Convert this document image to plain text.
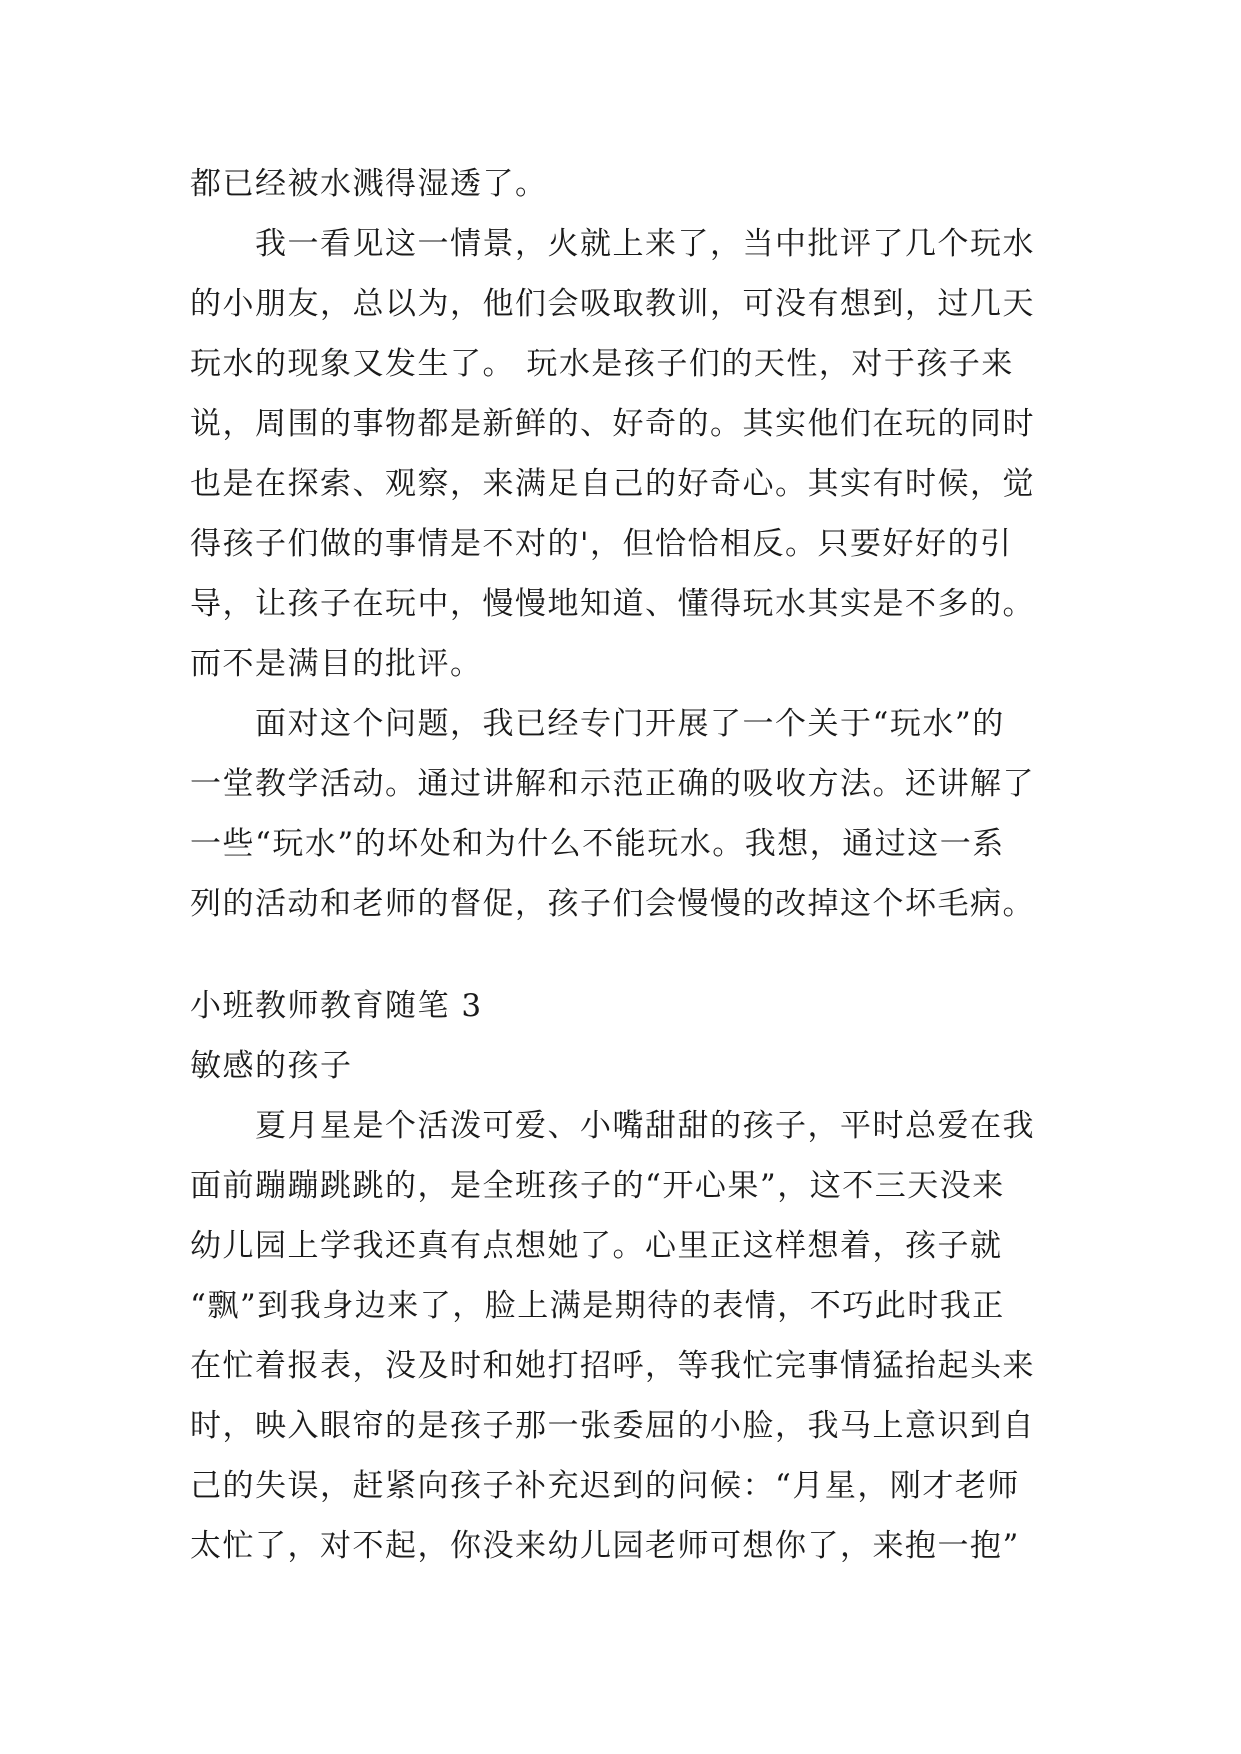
都已经被水溅得湿透了。

我一看见这一情景，火就上来了，当中批评了几个玩水

的小朋友，总以为，他们会吸取教训，可没有想到，过几天

玩水的现象又发生了。 玩水是孩子们的天性，对于孩子来

说，周围的事物都是新鲜的、好奇的。其实他们在玩的同时

也是在探索、观察，来满足自己的好奇心。其实有时候，觉

得孩子们做的事情是不对的'，但恰恰相反。只要好好的引

导，让孩子在玩中，慢慢地知道、懂得玩水其实是不多的。

而不是满目的批评。

面对这个问题，我已经专门开展了一个关于“玩水”的

一堂教学活动。通过讲解和示范正确的吸收方法。还讲解了

一些“玩水”的坏处和为什么不能玩水。我想，通过这一系

列的活动和老师的督促，孩子们会慢慢的改掉这个坏毛病。

小班教师教育随笔 3

敏感的孩子

夏月星是个活泼可爱、小嘴甜甜的孩子，平时总爱在我

面前蹦蹦跳跳的，是全班孩子的“开心果”，这不三天没来

幼儿园上学我还真有点想她了。心里正这样想着，孩子就

“飘”到我身边来了，脸上满是期待的表情，不巧此时我正

在忙着报表，没及时和她打招呼，等我忙完事情猛抬起头来

时，映入眼帘的是孩子那一张委屈的小脸，我马上意识到自

己的失误，赶紧向孩子补充迟到的问候：“月星，刚才老师

太忙了，对不起，你没来幼儿园老师可想你了，来抱一抱”
